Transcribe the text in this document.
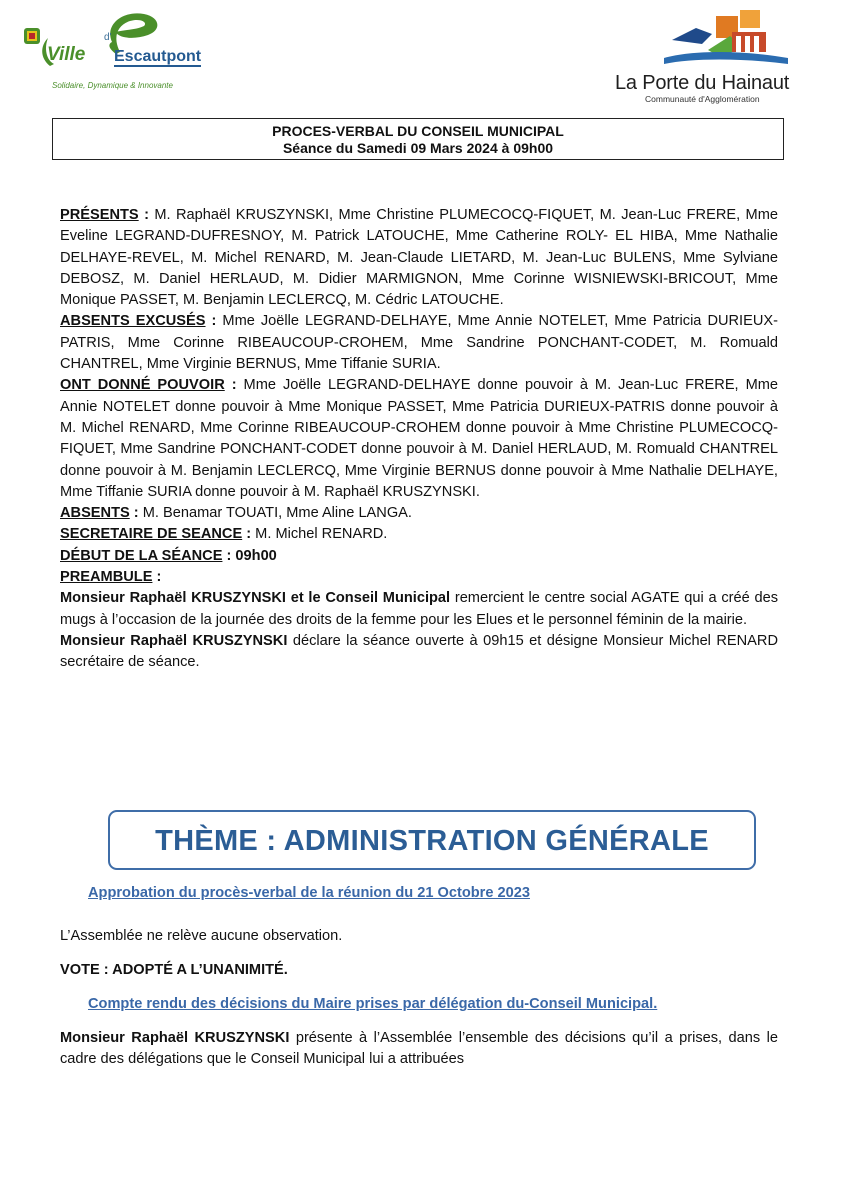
Ville
d'
Escautpont
Solidaire, Dynamique & Innovante	La Porte du Hainaut
Communauté d'Agglomération
PROCES-VERBAL DU CONSEIL MUNICIPAL
Séance du Samedi 09 Mars 2024 à 09h00

PRÉSENTS : M. Raphaël KRUSZYNSKI, Mme Christine PLUMECOCQ-FIQUET, M. Jean-Luc FRERE, Mme Eveline LEGRAND-DUFRESNOY, M. Patrick LATOUCHE, Mme Catherine ROLY- EL HIBA, Mme Nathalie DELHAYE-REVEL, M. Michel RENARD, M. Jean-Claude LIETARD, M. Jean-Luc BULENS, Mme Sylviane DEBOSZ, M. Daniel HERLAUD, M. Didier MARMIGNON, Mme Corinne WISNIEWSKI-BRICOUT, Mme Monique PASSET, M. Benjamin LECLERCQ, M. Cédric LATOUCHE.

ABSENTS EXCUSÉS : Mme Joëlle LEGRAND-DELHAYE, Mme Annie NOTELET, Mme Patricia DURIEUX-PATRIS, Mme Corinne RIBEAUCOUP-CROHEM, Mme Sandrine PONCHANT-CODET, M. Romuald CHANTREL, Mme Virginie BERNUS, Mme Tiffanie SURIA.

ONT DONNÉ POUVOIR : Mme Joëlle LEGRAND-DELHAYE donne pouvoir à M. Jean-Luc FRERE, Mme Annie NOTELET donne pouvoir à Mme Monique PASSET, Mme Patricia DURIEUX-PATRIS donne pouvoir à M. Michel RENARD, Mme Corinne RIBEAUCOUP-CROHEM donne pouvoir à Mme Christine PLUMECOCQ-FIQUET, Mme Sandrine PONCHANT-CODET donne pouvoir à M. Daniel HERLAUD, M. Romuald CHANTREL donne pouvoir à M. Benjamin LECLERCQ, Mme Virginie BERNUS donne pouvoir à Mme Nathalie DELHAYE, Mme Tiffanie SURIA donne pouvoir à M. Raphaël KRUSZYNSKI.

ABSENTS : M. Benamar TOUATI, Mme Aline LANGA.

SECRETAIRE DE SEANCE : M. Michel RENARD.

DÉBUT DE LA SÉANCE : 09h00

PREAMBULE :

Monsieur Raphaël KRUSZYNSKI et le Conseil Municipal remercient le centre social AGATE qui a créé des mugs à l’occasion de la journée des droits de la femme pour les Elues et le personnel féminin de la mairie.
Monsieur Raphaël KRUSZYNSKI déclare la séance ouverte à 09h15 et désigne Monsieur Michel RENARD secrétaire de séance.

THÈME : ADMINISTRATION GÉNÉRALE
Approbation du procès-verbal de la réunion du 21 Octobre 2023
L’Assemblée ne relève aucune observation.
VOTE : ADOPTÉ A L’UNANIMITÉ.
Compte rendu des décisions du Maire prises par délégation du-Conseil Municipal.

Monsieur Raphaël KRUSZYNSKI présente à l’Assemblée l’ensemble des décisions qu’il a prises, dans le cadre des délégations que le Conseil Municipal lui a attribuées
